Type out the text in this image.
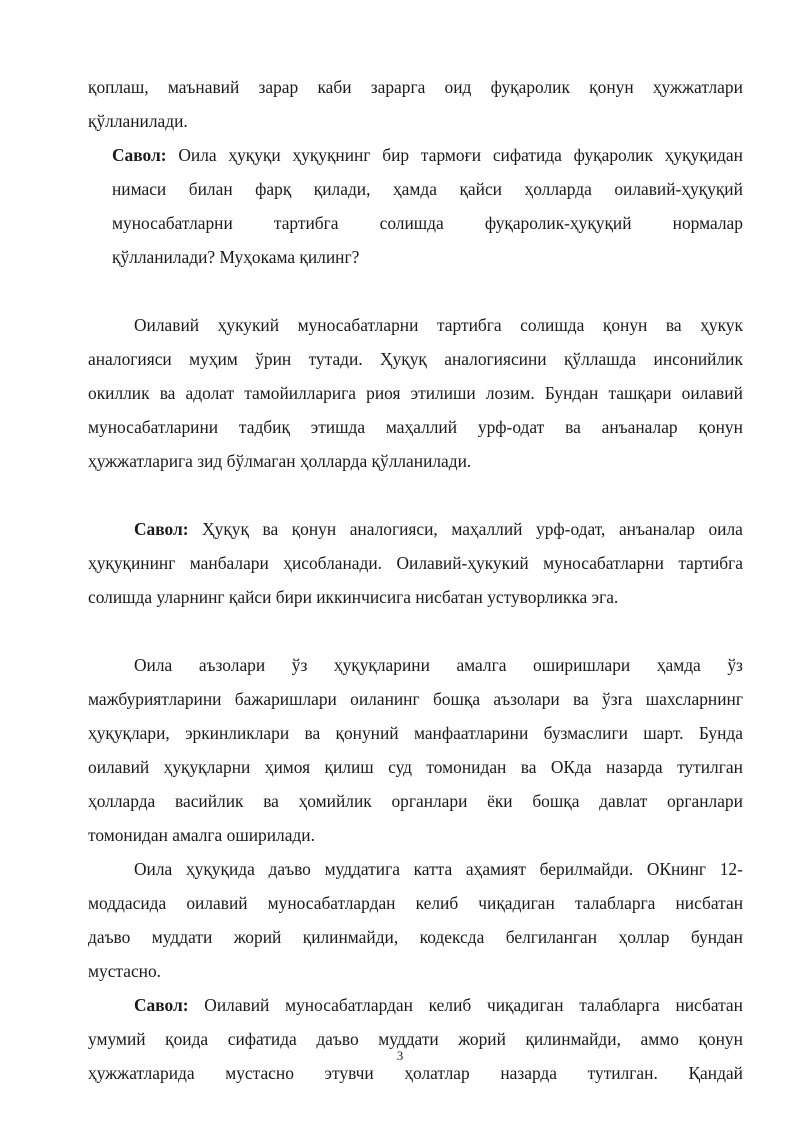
қоплаш, маънавий зарар каби зарарга оид фуқаролик қонун ҳужжатлари
қўлланилади.
Савол: Оила ҳуқуқи ҳуқуқнинг бир тармоғи сифатида фуқаролик ҳуқуқидан
нимаси билан фарқ қилади, ҳамда қайси ҳолларда оилавий-ҳуқуқий
муносабатларни тартибга солишда фуқаролик-ҳуқуқий нормалар
қўлланилади? Муҳокама қилинг?
Оилавий ҳукукий муносабатларни тартибга солишда қонун ва ҳукук
аналогияси муҳим ўрин тутади. Ҳуқуқ аналогиясини қўллашда инсонийлик
окиллик ва адолат тамойилларига риоя этилиши лозим. Бундан ташқари оилавий
муносабатларини тадбиқ этишда маҳаллий урф-одат ва анъаналар қонун
ҳужжатларига зид бўлмаган ҳолларда қўлланилади.
Савол: Ҳуқуқ ва қонун аналогияси, маҳаллий урф-одат, анъаналар оила
ҳуқуқининг манбалари ҳисобланади. Оилавий-ҳукукий муносабатларни тартибга
солишда уларнинг қайси бири иккинчисига нисбатан устуворликка эга.
Оила аъзолари ўз ҳуқуқларини амалга оширишлари ҳамда ўз
мажбуриятларини бажаришлари оиланинг бошқа аъзолари ва ўзга шахсларнинг
ҳуқуқлари, эркинликлари ва қонуний манфаатларини бузмаслиги шарт. Бунда
оилавий ҳуқуқларни ҳимоя қилиш суд томонидан ва ОКда назарда тутилган
ҳолларда васийлик ва ҳомийлик органлари ёки бошқа давлат органлари
томонидан амалга оширилади.
Оила ҳуқуқида даъво муддатига катта аҳамият берилмайди. ОКнинг 12-
моддасида оилавий муносабатлардан келиб чиқадиган талабларга нисбатан
даъво муддати жорий қилинмайди, кодексда белгиланган ҳоллар бундан
мустасно.
Савол: Оилавий муносабатлардан келиб чиқадиган талабларга нисбатан
умумий қоида сифатида даъво муддати жорий қилинмайди, аммо қонун
ҳужжатларида мустасно этувчи ҳолатлар назарда тутилган. Қандай
3
